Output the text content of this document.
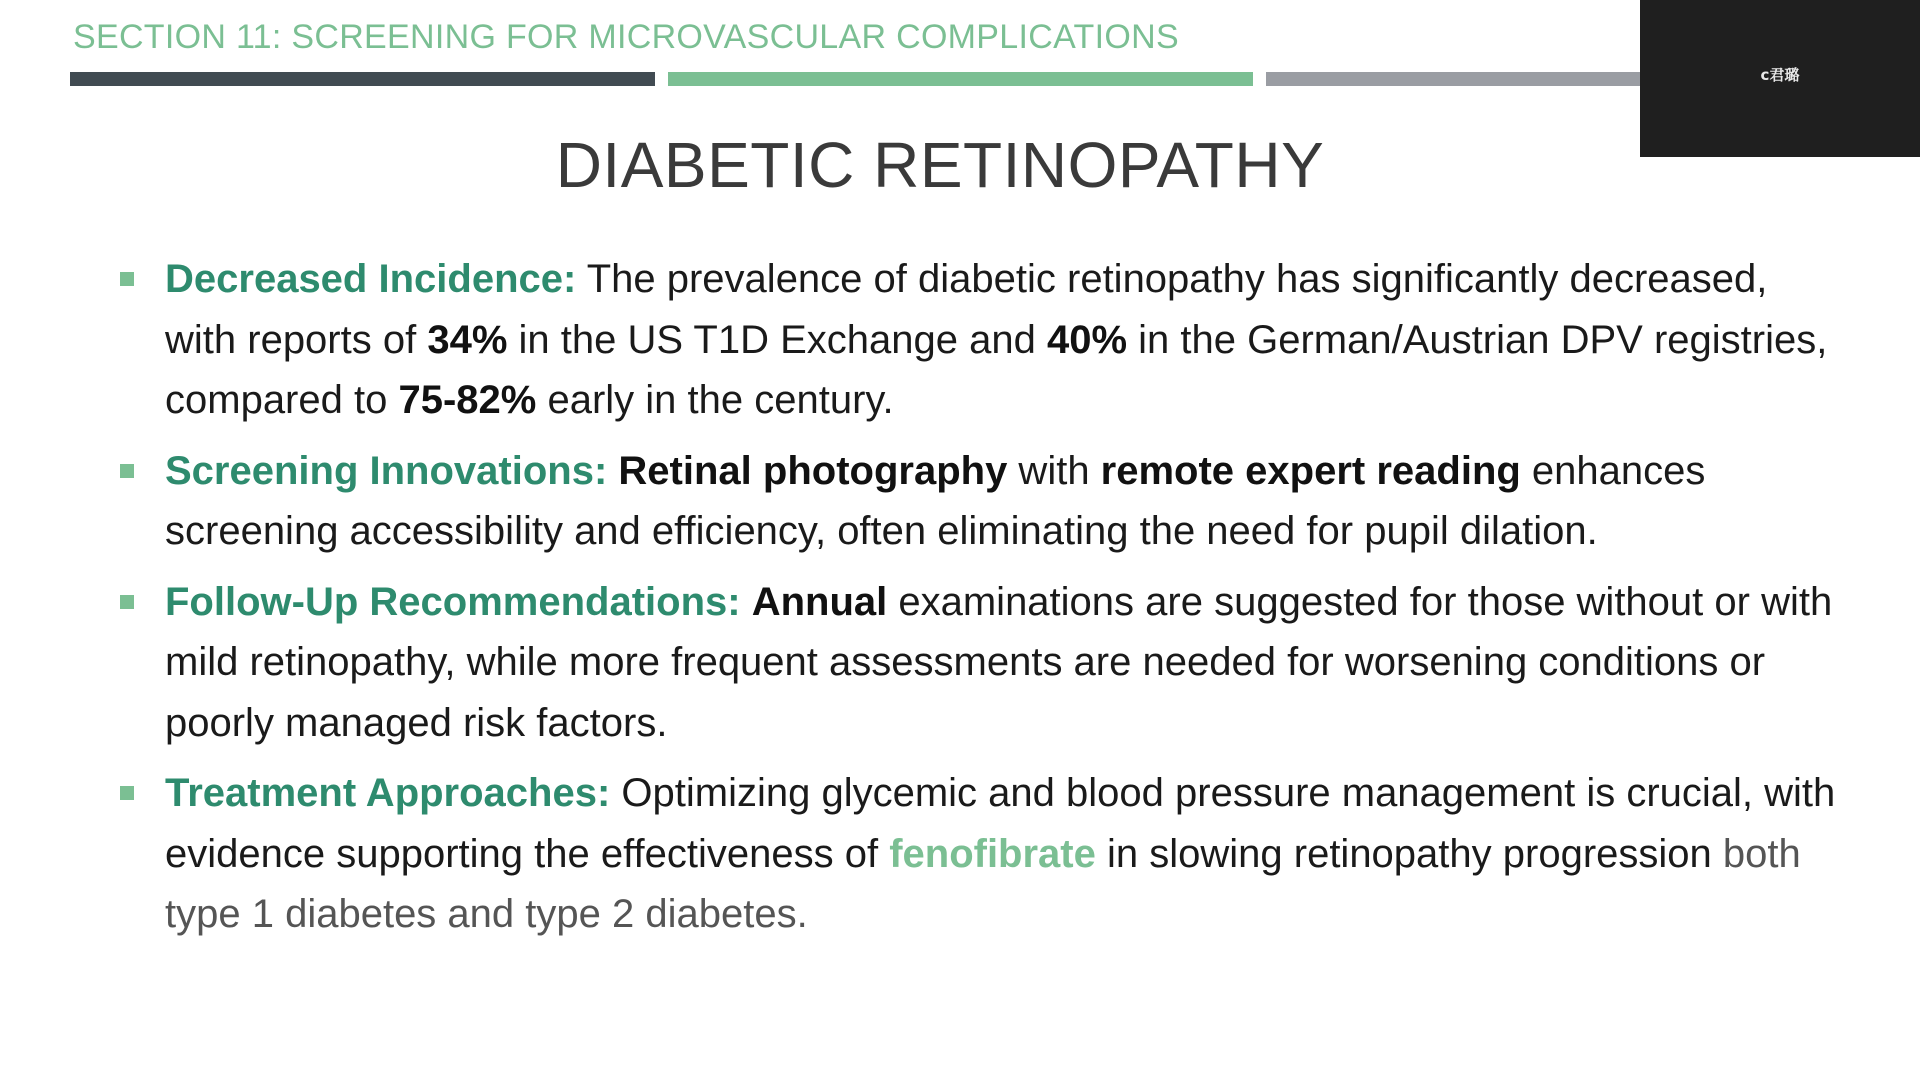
SECTION 11: SCREENING FOR MICROVASCULAR COMPLICATIONS
c君璐
DIABETIC RETINOPATHY
Decreased Incidence: The prevalence of diabetic retinopathy has significantly decreased, with reports of 34% in the US T1D Exchange and 40% in the German/Austrian DPV registries, compared to 75-82% early in the century.
Screening Innovations: Retinal photography with remote expert reading enhances screening accessibility and efficiency, often eliminating the need for pupil dilation.
Follow-Up Recommendations: Annual examinations are suggested for those without or with mild retinopathy, while more frequent assessments are needed for worsening conditions or poorly managed risk factors.
Treatment Approaches: Optimizing glycemic and blood pressure management is crucial, with evidence supporting the effectiveness of fenofibrate in slowing retinopathy progression both type 1 diabetes and type 2 diabetes.
